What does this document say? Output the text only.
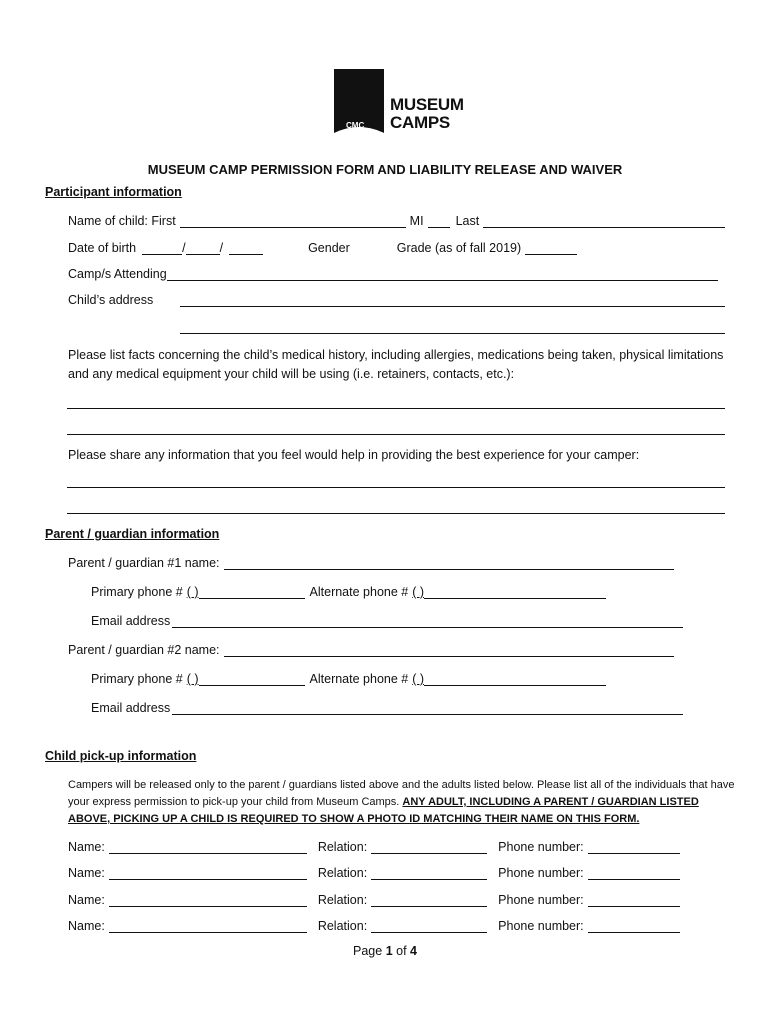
CMC
MUSEUM
CAMPS
MUSEUM CAMP PERMISSION FORM AND LIABILITY RELEASE AND WAIVER
Participant information
Name of child: First	MI	Last
Date of birth	/	/	Gender	Grade (as of fall 2019)
Camp/s Attending
Child’s address
Please list facts concerning the child’s medical history, including allergies, medications being taken, physical limitations and any medical equipment your child will be using (i.e. retainers, contacts, etc.):
Please share any information that you feel would help in providing the best experience for your camper:
Parent / guardian information
Parent / guardian #1 name:
Primary phone # ( )	Alternate phone # ( )
Email address
Parent / guardian #2 name:
Primary phone # ( )	Alternate phone # ( )
Email address
Child pick-up information
Campers will be released only to the parent / guardians listed above and the adults listed below. Please list all of the individuals that have your express permission to pick-up your child from Museum Camps. ANY ADULT, INCLUDING A PARENT / GUARDIAN LISTED ABOVE, PICKING UP A CHILD IS REQUIRED TO SHOW A PHOTO ID MATCHING THEIR NAME ON THIS FORM.
Name:	Relation:	Phone number:
Name:	Relation:	Phone number:
Name:	Relation:	Phone number:
Name:	Relation:	Phone number:
Page 1 of 4
